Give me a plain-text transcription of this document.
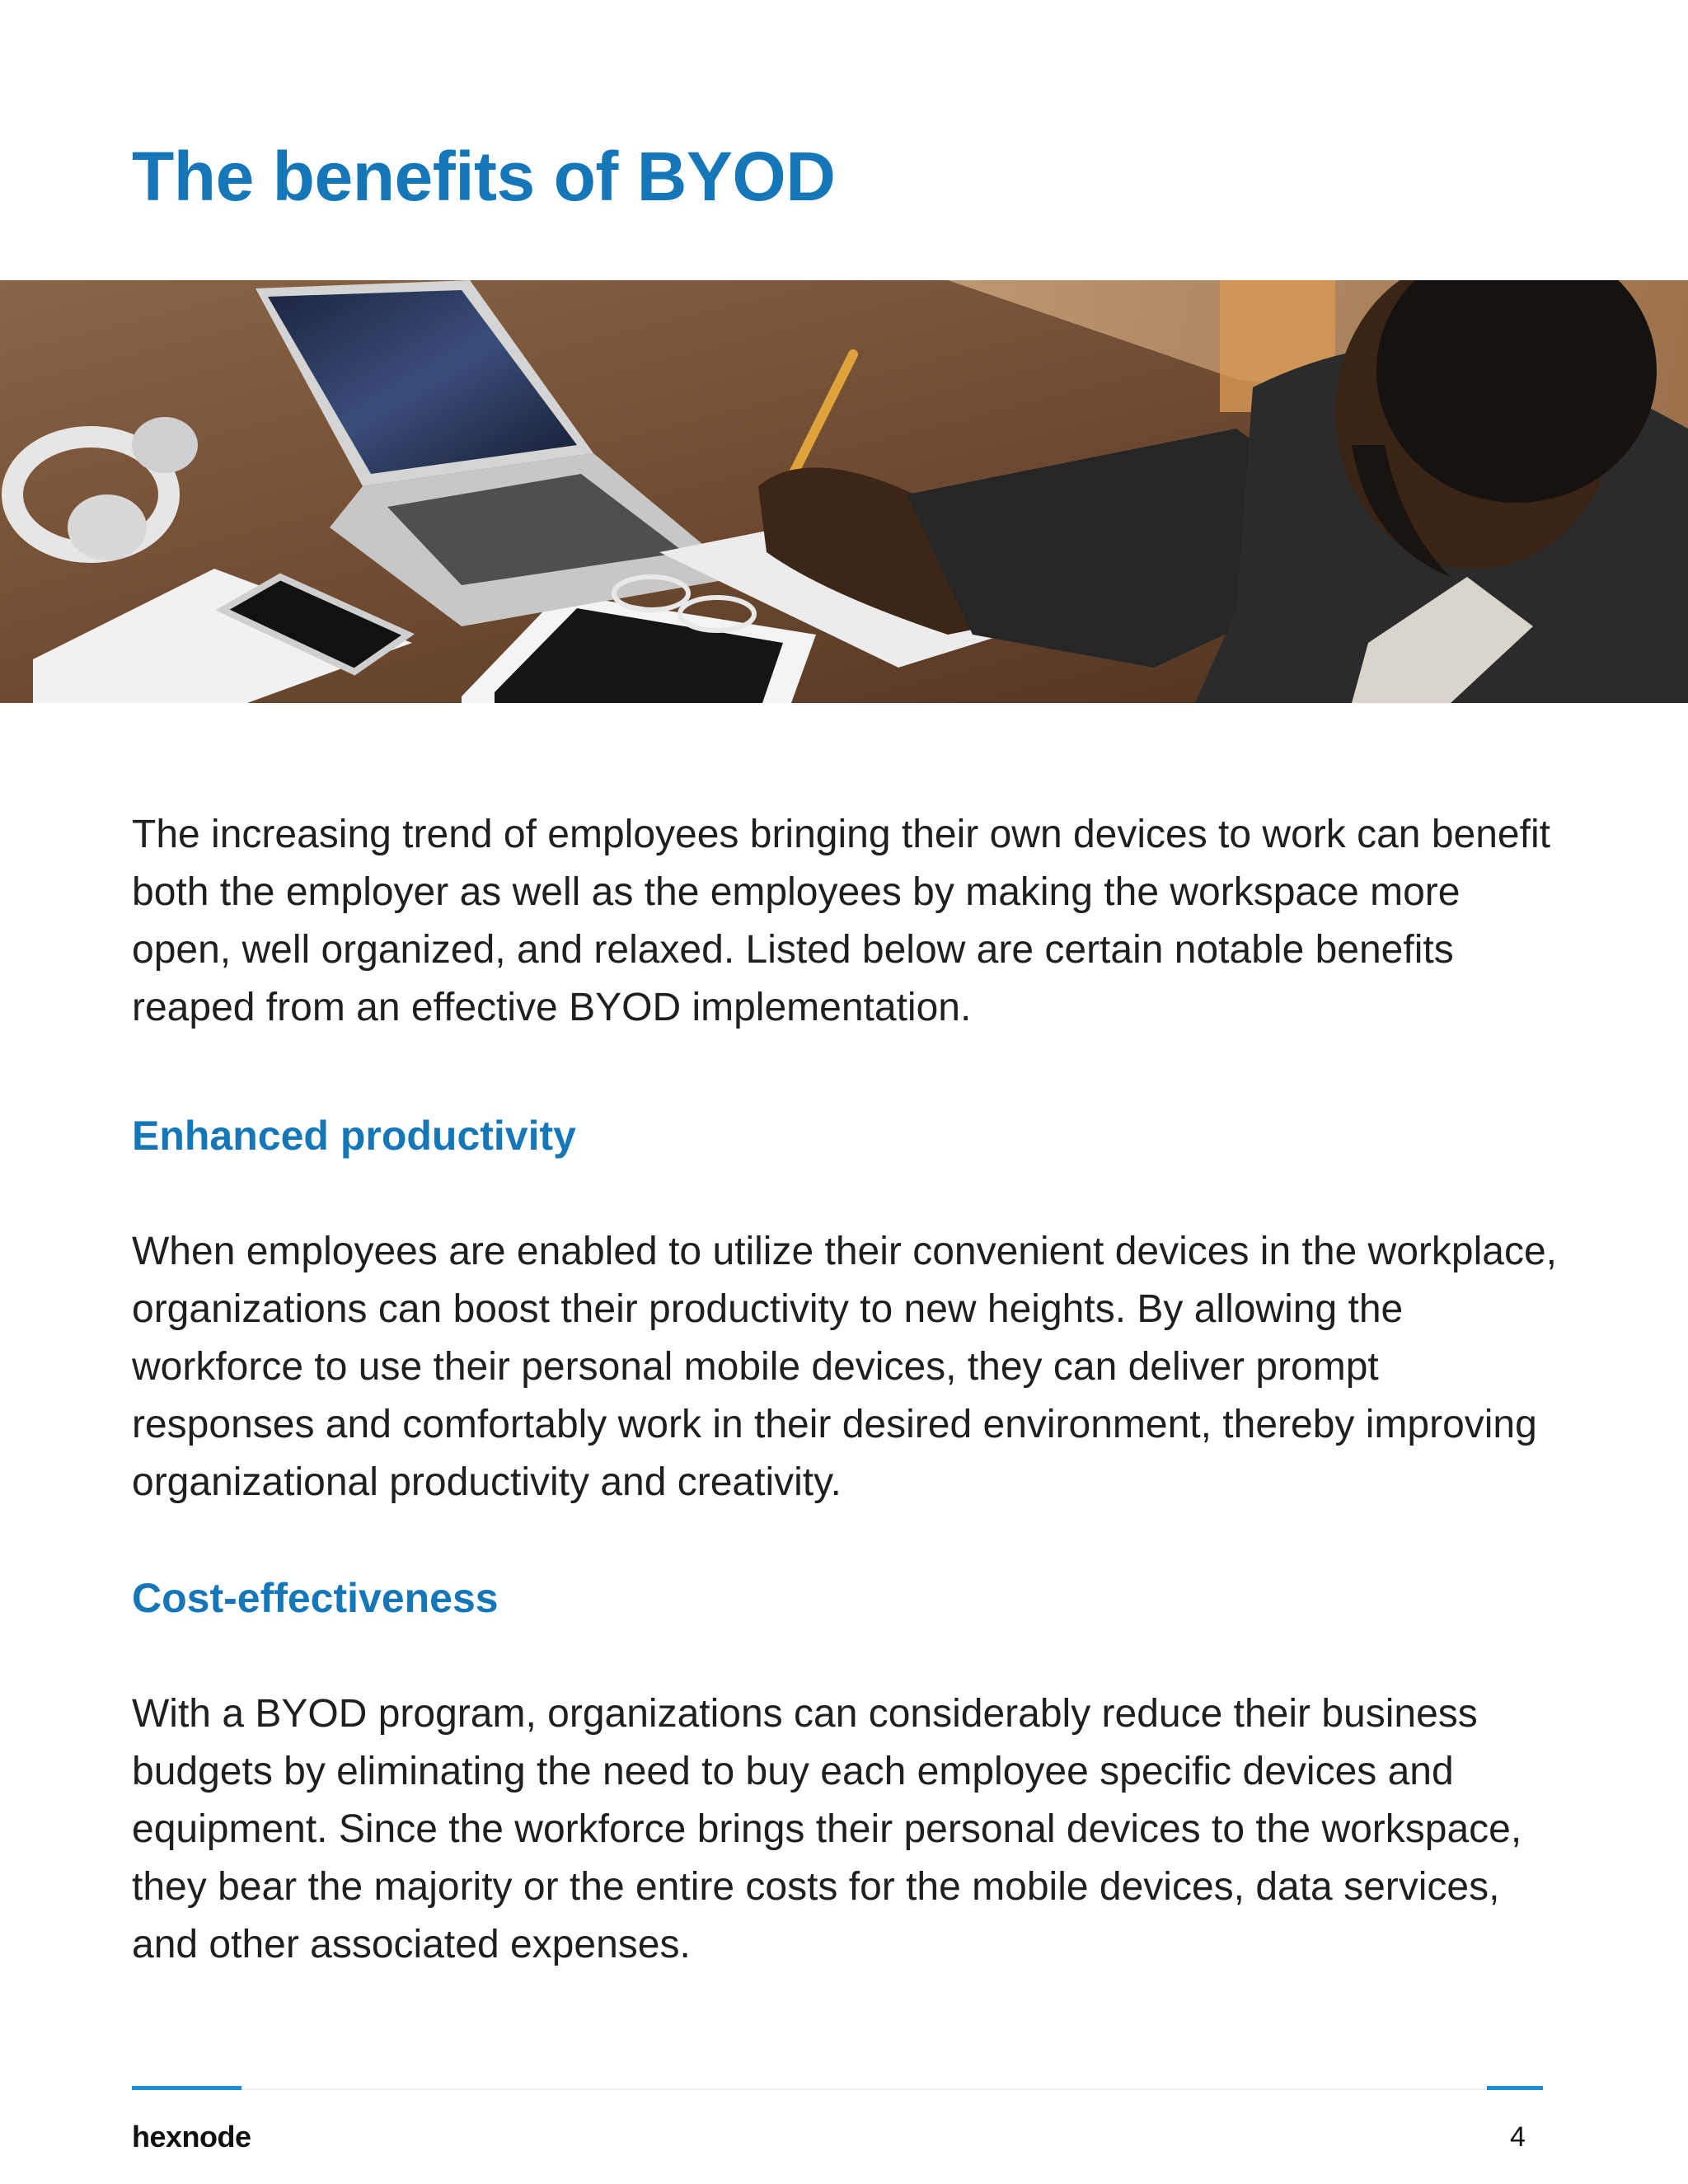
The benefits of BYOD

The increasing trend of employees bringing their own devices to work can benefit both the employer as well as the employees by making the workspace more open, well organized, and relaxed. Listed below are certain notable benefits reaped from an effective BYOD implementation.

Enhanced productivity

When employees are enabled to utilize their convenient devices in the workplace, organizations can boost their productivity to new heights. By allowing the workforce to use their personal mobile devices, they can deliver prompt responses and comfortably work in their desired environment, thereby improving organizational productivity and creativity.

Cost-effectiveness

With a BYOD program, organizations can considerably reduce their business budgets by eliminating the need to buy each employee specific devices and equipment. Since the workforce brings their personal devices to the workspace, they bear the majority or the entire costs for the mobile devices, data services, and other associated expenses.

hexnode	4
